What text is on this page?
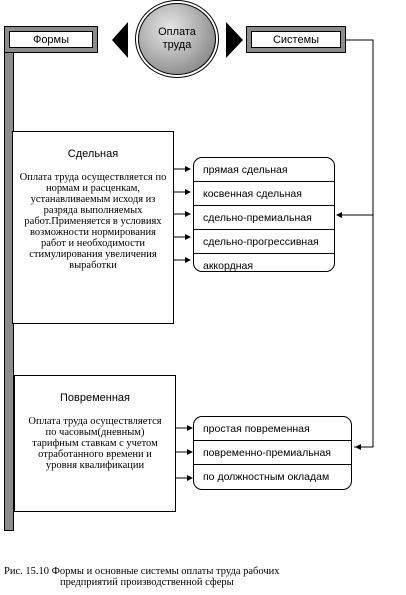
Формы	Системы
Оплата труда
Сдельная
Оплата труда осуществляется по нормам и расценкам, устанавливаемым исходя из разряда выполняемых работ.Применяется в условиях возможности нормирования работ и необходимости стимулирования увеличения выработки
прямая сдельная
косвенная сдельная
сдельно-премиальная
сдельно-прогрессивная
аккордная
Повременная
Оплата труда осуществляется по часовым(дневным) тарифным ставкам с учетом отработанного времени и уровня квалификации
простая повременная
повременно-премиальная
по должностным окладам
Рис. 15.10 Формы и основные системы оплаты труда рабочих
предприятий производственной сферы
